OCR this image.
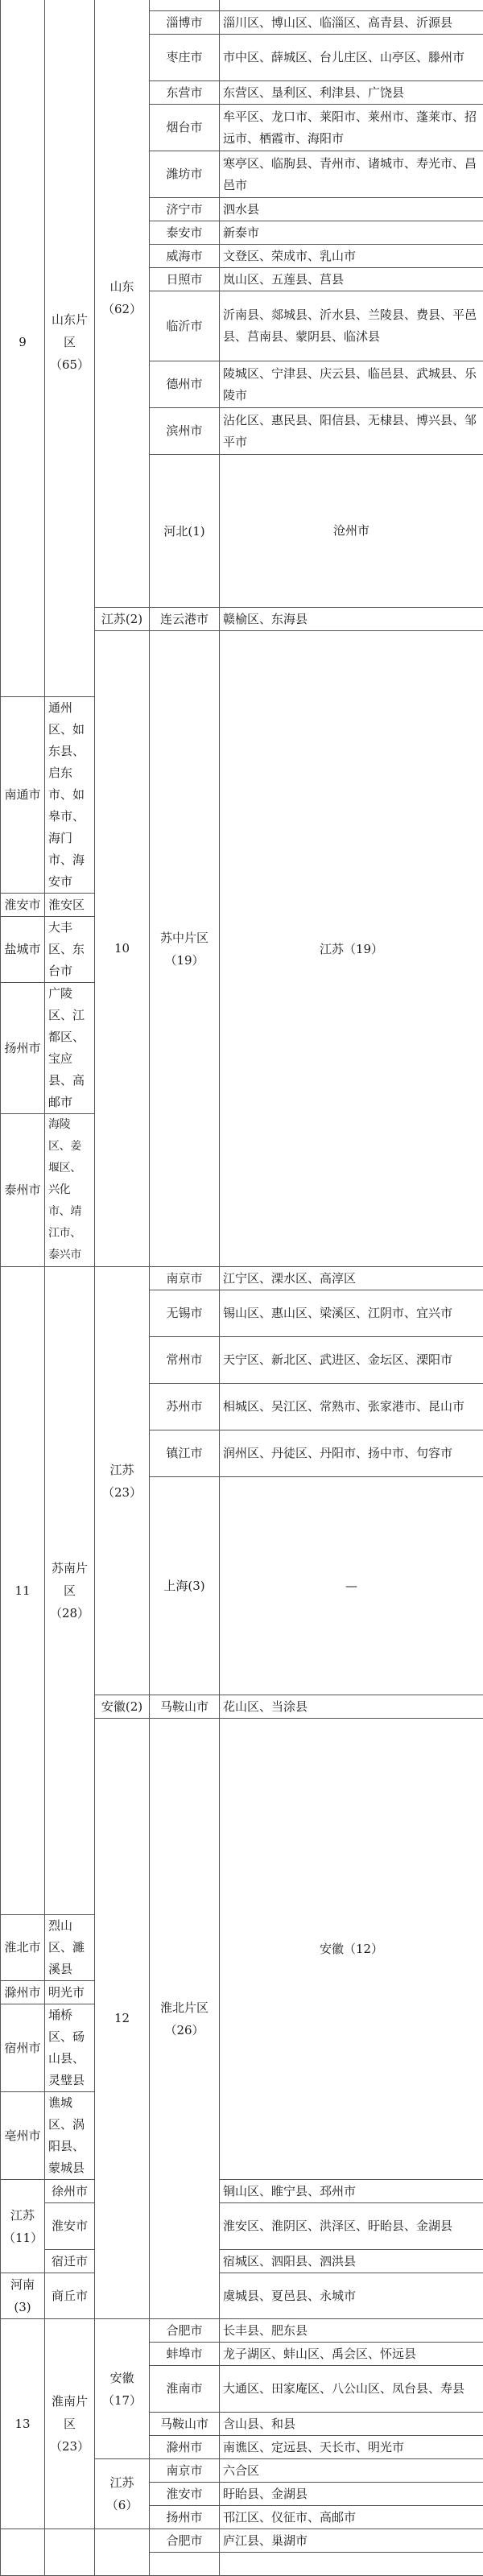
9	山东片区（65）	山东（62）			
			淄博市	淄川区、博山区、临淄区、高青县、沂源县	
			枣庄市	市中区、薛城区、台儿庄区、山亭区、滕州市	
			东营市	东营区、垦利区、利津县、广饶县	
			烟台市	牟平区、龙口市、莱阳市、莱州市、蓬莱市、招远市、栖霞市、海阳市	
			潍坊市	寒亭区、临朐县、青州市、诸城市、寿光市、昌邑市	
			济宁市	泗水县	
			泰安市	新泰市	
			威海市	文登区、荣成市、乳山市	
			日照市	岚山区、五莲县、莒县	
			临沂市	沂南县、郯城县、沂水县、兰陵县、费县、平邑县、莒南县、蒙阴县、临沭县	
			德州市	陵城区、宁津县、庆云县、临邑县、武城县、乐陵市	
			滨州市	沾化区、惠民县、阳信县、无棣县、博兴县、邹平市	
			河北(1)	沧州市	
		江苏(2)	连云港市	赣榆区、东海县	
		10	苏中片区（19）	江苏（19）		
南通市	通州区、如东县、启东市、如皋市、海门市、海安市				
淮安市	淮安区				
盐城市	大丰区、东台市				
扬州市	广陵区、江都区、宝应县、高邮市				
泰州市	海陵区、姜堰区、兴化市、靖江市、泰兴市				
11	苏南片区（28）	江苏（23）	南京市	江宁区、溧水区、高淳区	
			无锡市	锡山区、惠山区、梁溪区、江阴市、宜兴市	
			常州市	天宁区、新北区、武进区、金坛区、溧阳市	
			苏州市	相城区、吴江区、常熟市、张家港市、昆山市	
			镇江市	润州区、丹徒区、丹阳市、扬中市、句容市	
			上海(3)	—	
		安徽(2)	马鞍山市	花山区、当涂县	
		12	淮北片区（26）	安徽（12）		
淮北市	烈山区、濉溪县				
滁州市	明光市				
宿州市	埇桥区、砀山县、灵璧县				
亳州市	谯城区、涡阳县、蒙城县				
江苏（11）	徐州市			铜山区、睢宁县、邳州市	
	淮安市			淮安区、淮阴区、洪泽区、盱眙县、金湖县	
	宿迁市			宿城区、泗阳县、泗洪县	
河南(3)	商丘市			虞城县、夏邑县、永城市	
13	淮南片区（23）	安徽（17）	合肥市	长丰县、肥东县	
			蚌埠市	龙子湖区、蚌山区、禹会区、怀远县	
			淮南市	大通区、田家庵区、八公山区、凤台县、寿县	
			马鞍山市	含山县、和县	
			滁州市	南谯区、定远县、天长市、明光市	
		江苏（6）	南京市	六合区	
			淮安市	盱眙县、金湖县	
			扬州市	邗江区、仪征市、高邮市	
			合肥市	庐江县、巢湖市	
